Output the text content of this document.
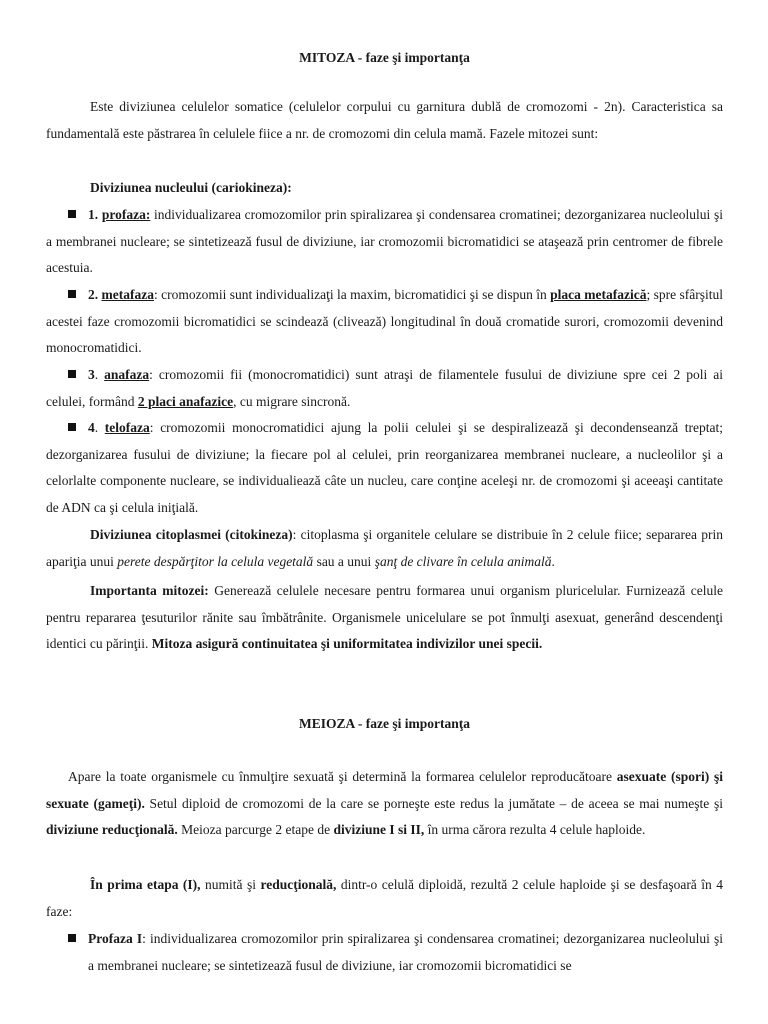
MITOZA - faze şi importanţa
Este diviziunea celulelor somatice (celulelor corpului cu garnitura dublă de cromozomi - 2n). Caracteristica sa fundamentală este păstrarea în celulele fiice a nr. de cromozomi din celula mamă. Fazele mitozei sunt:
Diviziunea nucleului (cariokineza):
1. profaza: individualizarea cromozomilor prin spiralizarea şi condensarea cromatinei; dezorganizarea nucleolului şi a membranei nucleare; se sintetizează fusul de diviziune, iar cromozomii bicromatidici se ataşează prin centromer de fibrele acestuia.
2. metafaza: cromozomii sunt individualizaţi la maxim, bicromatidici şi se dispun în placa metafazică; spre sfârşitul acestei faze cromozomii bicromatidici se scindează (clivează) longitudinal în două cromatide surori, cromozomii devenind monocromatidici.
3. anafaza: cromozomii fii (monocromatidici) sunt atraşi de filamentele fusului de diviziune spre cei 2 poli ai celulei, formând 2 placi anafazice, cu migrare sincronă.
4. telofaza: cromozomii monocromatidici ajung la polii celulei şi se despiralizează şi decondenseanză treptat; dezorganizarea fusului de diviziune; la fiecare pol al celulei, prin reorganizarea membranei nucleare, a nucleolilor şi a celorlalte componente nucleare, se individualiează câte un nucleu, care conţine aceleşi nr. de cromozomi şi aceeaşi cantitate de ADN ca şi celula iniţială.
Diviziunea citoplasmei (citokineza): citoplasma şi organitele celulare se distribuie în 2 celule fiice; separarea prin apariţia unui perete despărţitor la celula vegetală sau a unui şanţ de clivare în celula animală.
Importanta mitozei: Generează celulele necesare pentru formarea unui organism pluricelular. Furnizează celule pentru repararea ţesuturilor rănite sau îmbătrânite. Organismele unicelulare se pot înmulţi asexuat, generând descendenţi identici cu părinţii. Mitoza asigură continuitatea şi uniformitatea indivizilor unei specii.
MEIOZA - faze şi importanţa
Apare la toate organismele cu înmulţire sexuată şi determină la formarea celulelor reproducătoare asexuate (spori) şi sexuate (gameţi). Setul diploid de cromozomi de la care se porneşte este redus la jumătate – de aceea se mai numeşte şi diviziune reducţională. Meioza parcurge 2 etape de diviziune I si II, în urma cărora rezulta 4 celule haploide.
În prima etapa (I), numită şi reducţională, dintr-o celulă diploidă, rezultă 2 celule haploide şi se desfaşoară în 4 faze:
Profaza I: individualizarea cromozomilor prin spiralizarea şi condensarea cromatinei; dezorganizarea nucleolului şi a membranei nucleare; se sintetizează fusul de diviziune, iar cromozomii bicromatidici se
